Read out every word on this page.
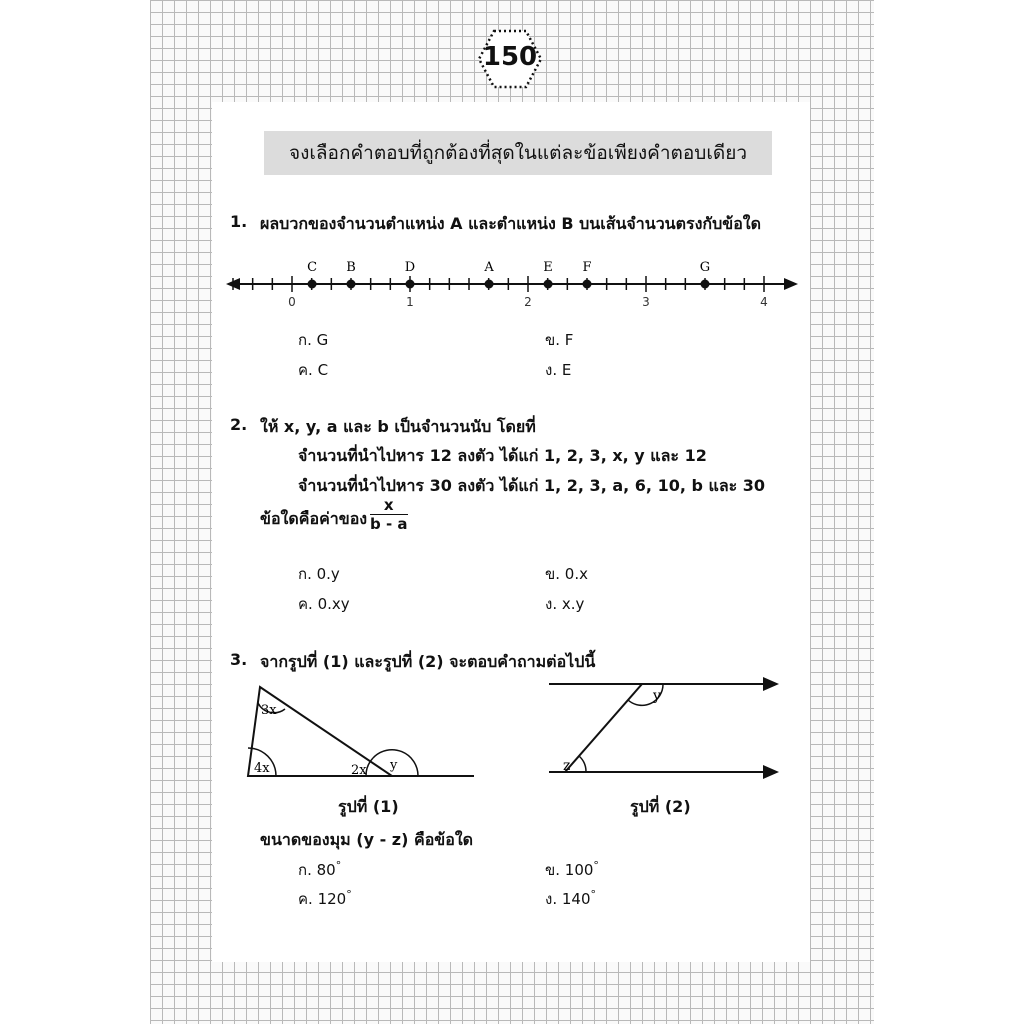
150
จงเลือกคำตอบที่ถูกต้องที่สุดในแต่ละข้อเพียงคำตอบเดียว
1. ผลบวกของจำนวนตำแหน่ง A และตำแหน่ง B บนเส้นจำนวนตรงกับข้อใด
0	1	2	3	4
C B	D	A	E F	G
ก. G	ข. F
ค. C	ง. E
2. ให้ x, y, a และ b เป็นจำนวนนับ โดยที่
จำนวนที่นำไปหาร 12 ลงตัว ได้แก่ 1, 2, 3, x, y และ 12
จำนวนที่นำไปหาร 30 ลงตัว ได้แก่ 1, 2, 3, a, 6, 10, b และ 30
ข้อใดคือค่าของ $\frac{x}{b - a}$
ก. 0.y	ข. 0.x
ค. 0.xy	ง. x.y
3. จากรูปที่ (1) และรูปที่ (2) จะตอบคำถามต่อไปนี้
3x
4x	2x y
รูปที่ (1)
y
z
รูปที่ (2)
ขนาดของมุม (y - z) คือข้อใด
ก. 80°	ข. 100°
ค. 120°	ง. 140°
